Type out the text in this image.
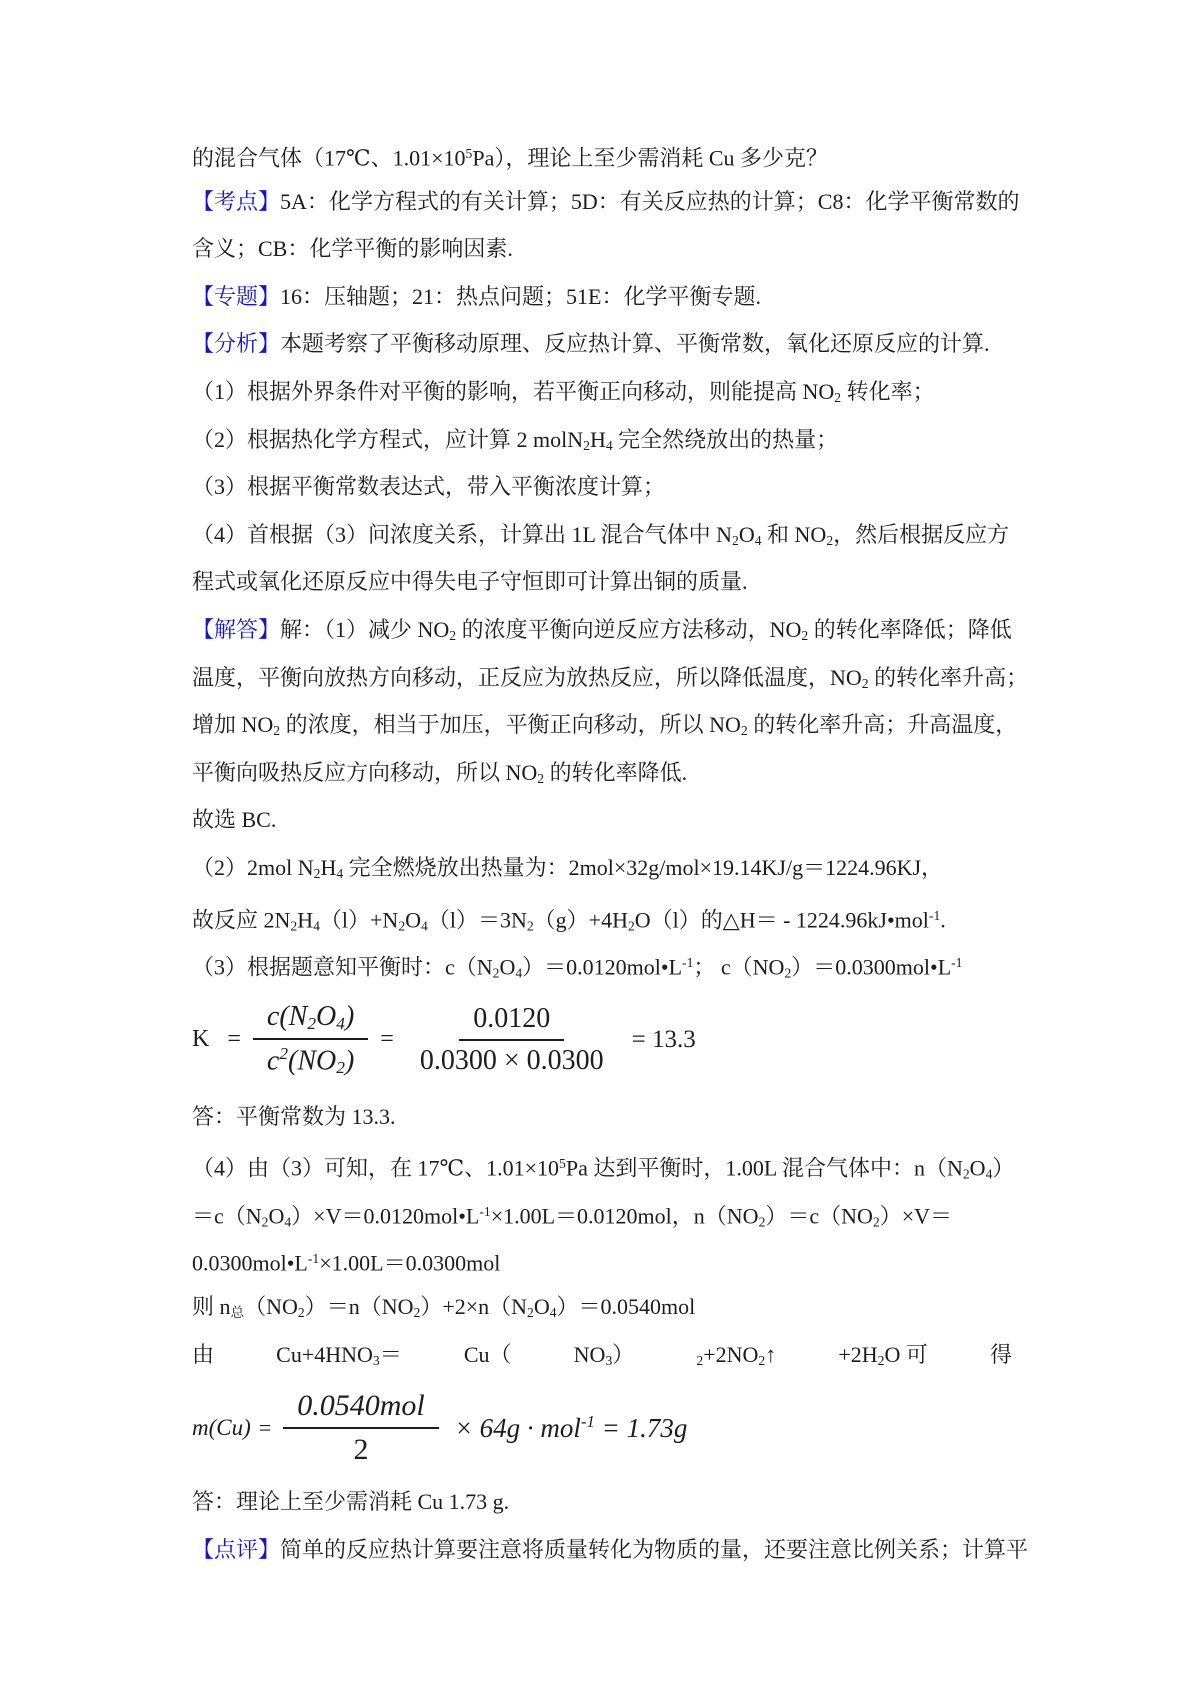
的混合气体（17℃、$1.01\times 10^5Pa$），理论上至少需消耗 Cu 多少克？
【考点】5A：化学方程式的有关计算；5D：有关反应热的计算；C8：化学平衡常数的
含义；CB：化学平衡的影响因素.
【专题】16：压轴题；21：热点问题；51E：化学平衡专题.
【分析】本题考察了平衡移动原理、反应热计算、平衡常数，氧化还原反应的计算.
（1）根据外界条件对平衡的影响，若平衡正向移动，则能提高 $NO_2$ 转化率；
（2）根据热化学方程式，应计算 2 $molN_2H_4$ 完全然绕放出的热量；
（3）根据平衡常数表达式，带入平衡浓度计算；
（4）首根据（3）问浓度关系，计算出 1L 混合气体中 $N_2O_4$ 和 $NO_2$，然后根据反应方
程式或氧化还原反应中得失电子守恒即可计算出铜的质量.
【解答】解：（1）减少 $NO_2$ 的浓度平衡向逆反应方法移动，$NO_2$ 的转化率降低；降低
温度，平衡向放热方向移动，正反应为放热反应，所以降低温度，$NO_2$ 的转化率升高；
增加 $NO_2$ 的浓度，相当于加压，平衡正向移动，所以 $NO_2$ 的转化率升高；升高温度，
平衡向吸热反应方向移动，所以 $NO_2$ 的转化率降低.
故选 BC.
（2）2mol $N_2H_4$ 完全燃烧放出热量为：2mol×32g/mol×19.14KJ/g＝1224.96KJ，
故反应 $2N_2H_4(l)+N_2O_4(l)=3N_2(g)+4H_2O(l)$的△H＝ - 1224.96kJ•mol$^{-1}$.
（3）根据题意知平衡时：$c(N_2O_4)=0.0120mol•L^{-1}$； $c(NO_2)=0.0300mol•L^{-1}$
$K = \frac{c(N2O4)}{c^2(NO2)} = \frac{0.0120}{0.0300 \times 0.0300} = 13.3$
答：平衡常数为 13.3.
（4）由（3）可知，在 17℃、$1.01\times 10^5Pa$ 达到平衡时，1.00L 混合气体中：$n(N_2O_4)$
$=c(N_2O_4)\times V=0.0120mol•L^{-1}\times 1.00L=0.0120mol$，$n(NO_2)=c(NO_2)\times V=$
$0.0300mol•L^{-1}\times 1.00L=0.0300mol$
则 $n_总(NO_2)=n(NO_2)+2\times n(N_2O_4)=0.0540mol$
由	$Cu+4HNO_3=$	Cu（	$NO_3$）	$_2+2NO_2↑$	$+2H_2O$ 可	得
$m(Cu) = \frac{\text{0.0540mol}}{2} \times 64g \cdot mol^{-1} = 1.73g$
答：理论上至少需消耗 Cu 1.73 g.
【点评】简单的反应热计算要注意将质量转化为物质的量，还要注意比例关系；计算平
